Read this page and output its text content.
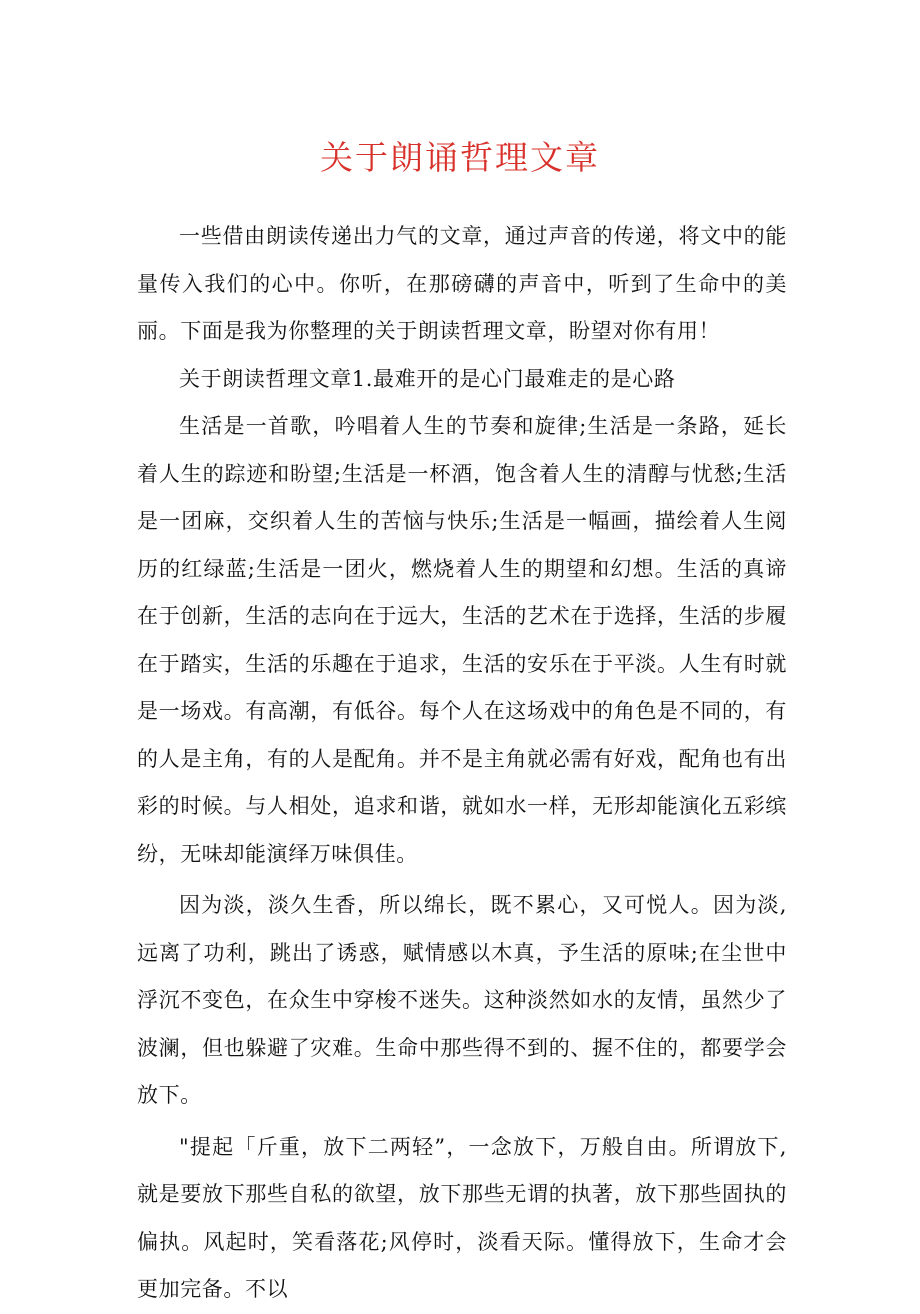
关于朗诵哲理文章

一些借由朗读传递出力气的文章，通过声音的传递，将文中的能量传入我们的心中。你听，在那磅礴的声音中，听到了生命中的美丽。下面是我为你整理的关于朗读哲理文章，盼望对你有用！

关于朗读哲理文章1.最难开的是心门最难走的是心路

生活是一首歌，吟唱着人生的节奏和旋律;生活是一条路，延长着人生的踪迹和盼望;生活是一杯酒，饱含着人生的清醇与忧愁;生活是一团麻，交织着人生的苦恼与快乐;生活是一幅画，描绘着人生阅历的红绿蓝;生活是一团火，燃烧着人生的期望和幻想。生活的真谛在于创新，生活的志向在于远大，生活的艺术在于选择，生活的步履在于踏实，生活的乐趣在于追求，生活的安乐在于平淡。人生有时就是一场戏。有高潮，有低谷。每个人在这场戏中的角色是不同的，有的人是主角，有的人是配角。并不是主角就必需有好戏，配角也有出彩的时候。与人相处，追求和谐，就如水一样，无形却能演化五彩缤纷，无味却能演绎万味俱佳。

因为淡，淡久生香，所以绵长，既不累心，又可悦人。因为淡,远离了功利，跳出了诱惑，赋情感以木真，予生活的原味;在尘世中浮沉不变色，在众生中穿梭不迷失。这种淡然如水的友情，虽然少了波澜，但也躲避了灾难。生命中那些得不到的、握不住的，都要学会放下。

"提起「斤重，放下二两轻”，一念放下，万般自由。所谓放下,就是要放下那些自私的欲望，放下那些无谓的执著，放下那些固执的偏执。风起时，笑看落花;风停时，淡看天际。懂得放下，生命才会更加完备。不以
